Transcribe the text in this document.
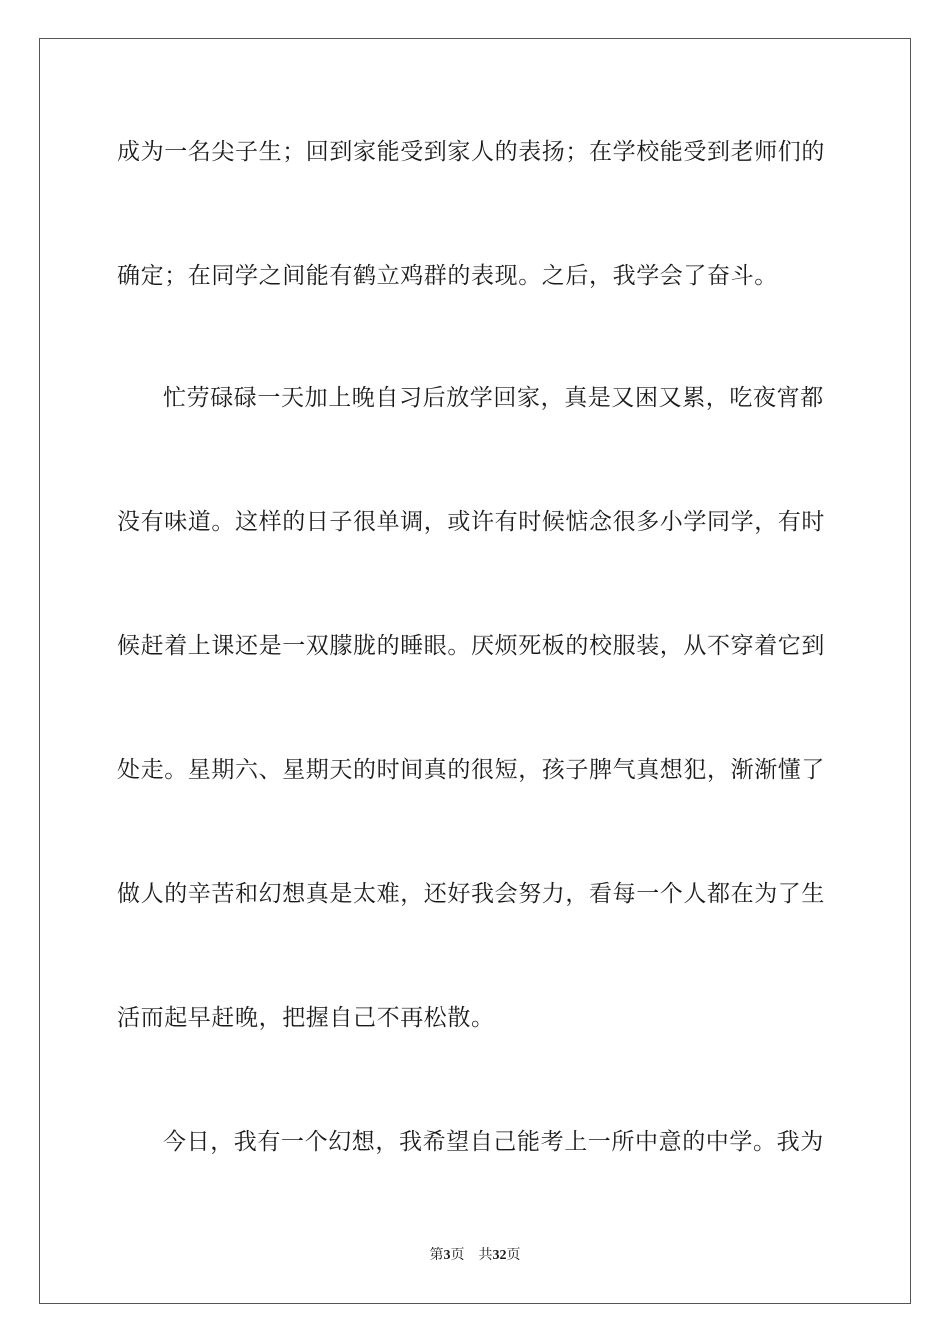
成为一名尖子生；回到家能受到家人的表扬；在学校能受到老师们的
确定；在同学之间能有鹤立鸡群的表现。之后，我学会了奋斗。
忙劳碌碌一天加上晚自习后放学回家，真是又困又累，吃夜宵都
没有味道。这样的日子很单调，或许有时候惦念很多小学同学，有时
候赶着上课还是一双朦胧的睡眼。厌烦死板的校服装，从不穿着它到
处走。星期六、星期天的时间真的很短，孩子脾气真想犯，渐渐懂了
做人的辛苦和幻想真是太难，还好我会努力，看每一个人都在为了生
活而起早赶晚，把握自己不再松散。
今日，我有一个幻想，我希望自己能考上一所中意的中学。我为
第3页 共32页
